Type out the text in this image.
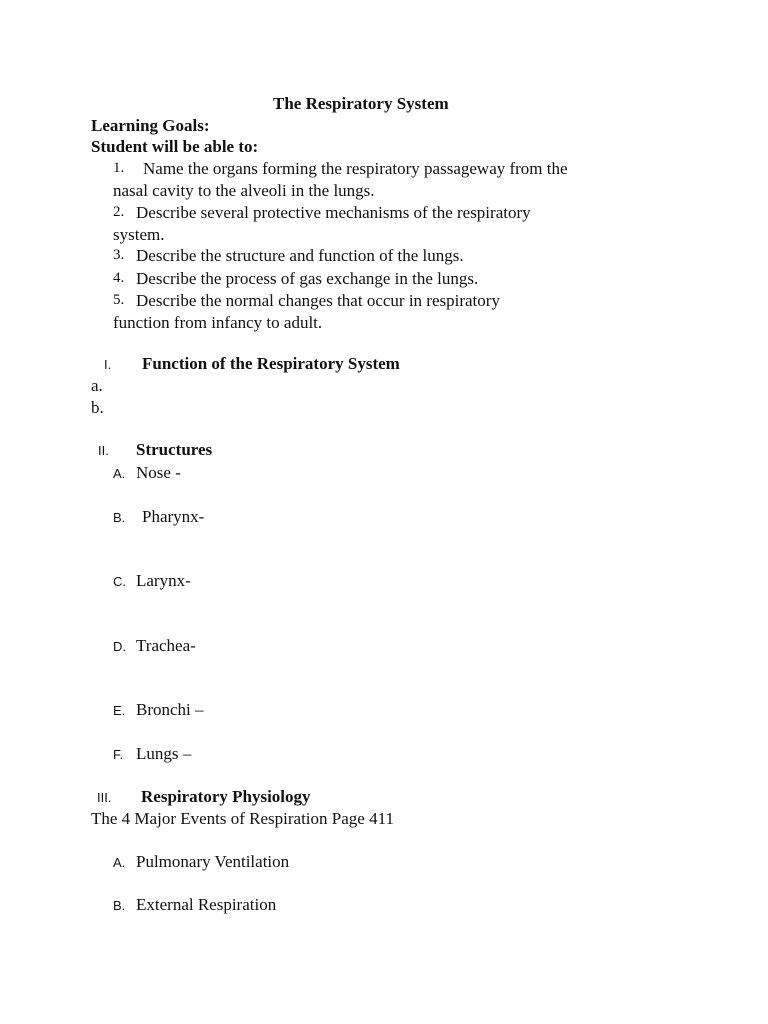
The Respiratory System
Learning Goals:
Student will be able to:
1. Name the organs forming the respiratory passageway from the
nasal cavity to the alveoli in the lungs.
2. Describe several protective mechanisms of the respiratory
system.
3. Describe the structure and function of the lungs.
4. Describe the process of gas exchange in the lungs.
5. Describe the normal changes that occur in respiratory
function from infancy to adult.
I. Function of the Respiratory System
a.
b.
II. Structures
A. Nose -
B. Pharynx-
C. Larynx-
D. Trachea-
E. Bronchi –
F. Lungs –
III. Respiratory Physiology
The 4 Major Events of Respiration Page 411
A. Pulmonary Ventilation
B. External Respiration
